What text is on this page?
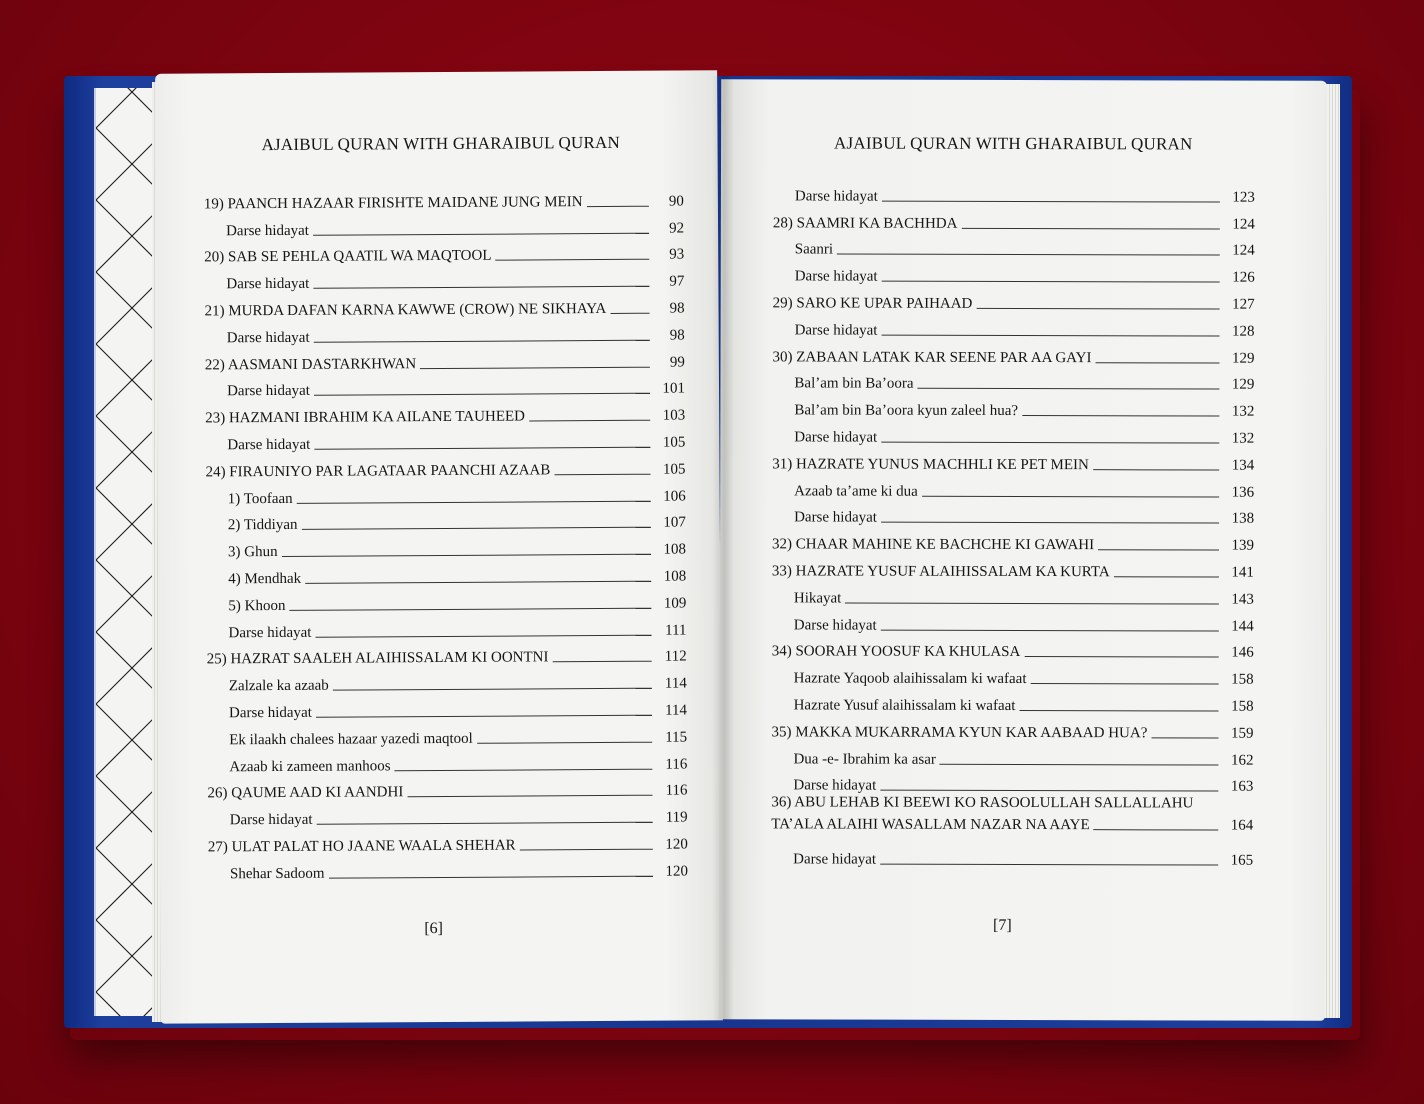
AJAIBUL QURAN WITH GHARAIBUL QURAN
19) PAANCH HAZAAR FIRISHTE MAIDANE JUNG MEIN	90
Darse hidayat	92
20) SAB SE PEHLA QAATIL WA MAQTOOL	93
Darse hidayat	97
21) MURDA DAFAN KARNA KAWWE (CROW) NE SIKHAYA	98
Darse hidayat	98
22) AASMANI DASTARKHWAN	99
Darse hidayat	101
23) HAZMANI IBRAHIM KA AILANE TAUHEED	103
Darse hidayat	105
24) FIRAUNIYO PAR LAGATAAR PAANCHI AZAAB	105
1) Toofaan	106
2) Tiddiyan	107
3) Ghun	108
4) Mendhak	108
5) Khoon	109
Darse hidayat	111
25) HAZRAT SAALEH ALAIHISSALAM KI OONTNI	112
Zalzale ka azaab	114
Darse hidayat	114
Ek ilaakh chalees hazaar yazedi maqtool	115
Azaab ki zameen manhoos	116
26) QAUME AAD KI AANDHI	116
Darse hidayat	119
27) ULAT PALAT HO JAANE WAALA SHEHAR	120
Shehar Sadoom	120
[6]
AJAIBUL QURAN WITH GHARAIBUL QURAN
Darse hidayat	123
28) SAAMRI KA BACHHDA	124
Saanri	124
Darse hidayat	126
29) SARO KE UPAR PAIHAAD	127
Darse hidayat	128
30) ZABAAN LATAK KAR SEENE PAR AA GAYI	129
Bal’am bin Ba’oora	129
Bal’am bin Ba’oora kyun zaleel hua?	132
Darse hidayat	132
31) HAZRATE YUNUS MACHHLI KE PET MEIN	134
Azaab ta’ame ki dua	136
Darse hidayat	138
32) CHAAR MAHINE KE BACHCHE KI GAWAHI	139
33) HAZRATE YUSUF ALAIHISSALAM KA KURTA	141
Hikayat	143
Darse hidayat	144
34) SOORAH YOOSUF KA KHULASA	146
Hazrate Yaqoob alaihissalam ki wafaat	158
Hazrate Yusuf alaihissalam ki wafaat	158
35) MAKKA MUKARRAMA KYUN KAR AABAAD HUA?	159
Dua -e- Ibrahim ka asar	162
Darse hidayat	163
36) ABU LEHAB KI BEEWI KO RASOOLULLAH SALLALLAHU
TA’ALA ALAIHI WASALLAM NAZAR NA AAYE	164
Darse hidayat	165
[7]
